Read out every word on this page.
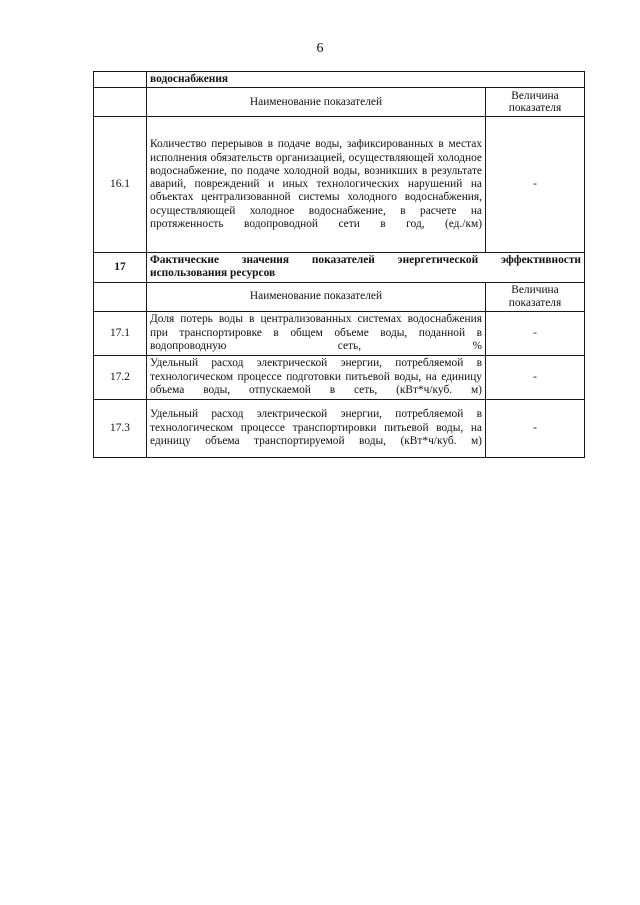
6
	водоснабжения	
	Наименование показателей	Величина показателя
16.1	Количество перерывов в подаче воды, зафиксированных в местах исполнения обязательств организацией, осуществляющей холодное водоснабжение, по подаче холодной воды, возникших в результате аварий, повреждений и иных технологических нарушений на объектах централизованной системы холодного водоснабжения, осуществляющей холодное водоснабжение, в расчете на протяженность водопроводной сети в год, (ед./км)	-
17	Фактические значения показателей энергетической эффективности использования ресурсов	
	Наименование показателей	Величина показателя
17.1	Доля потерь воды в централизованных системах водоснабжения при транспортировке в общем объеме воды, поданной в водопроводную сеть, %	-
17.2	Удельный расход электрической энергии, потребляемой в технологическом процессе подготовки питьевой воды, на единицу объема воды, отпускаемой в сеть, (кВт*ч/куб. м)	-
17.3	Удельный расход электрической энергии, потребляемой в технологическом процессе транспортировки питьевой воды, на единицу объема транспортируемой воды, (кВт*ч/куб. м)	-
